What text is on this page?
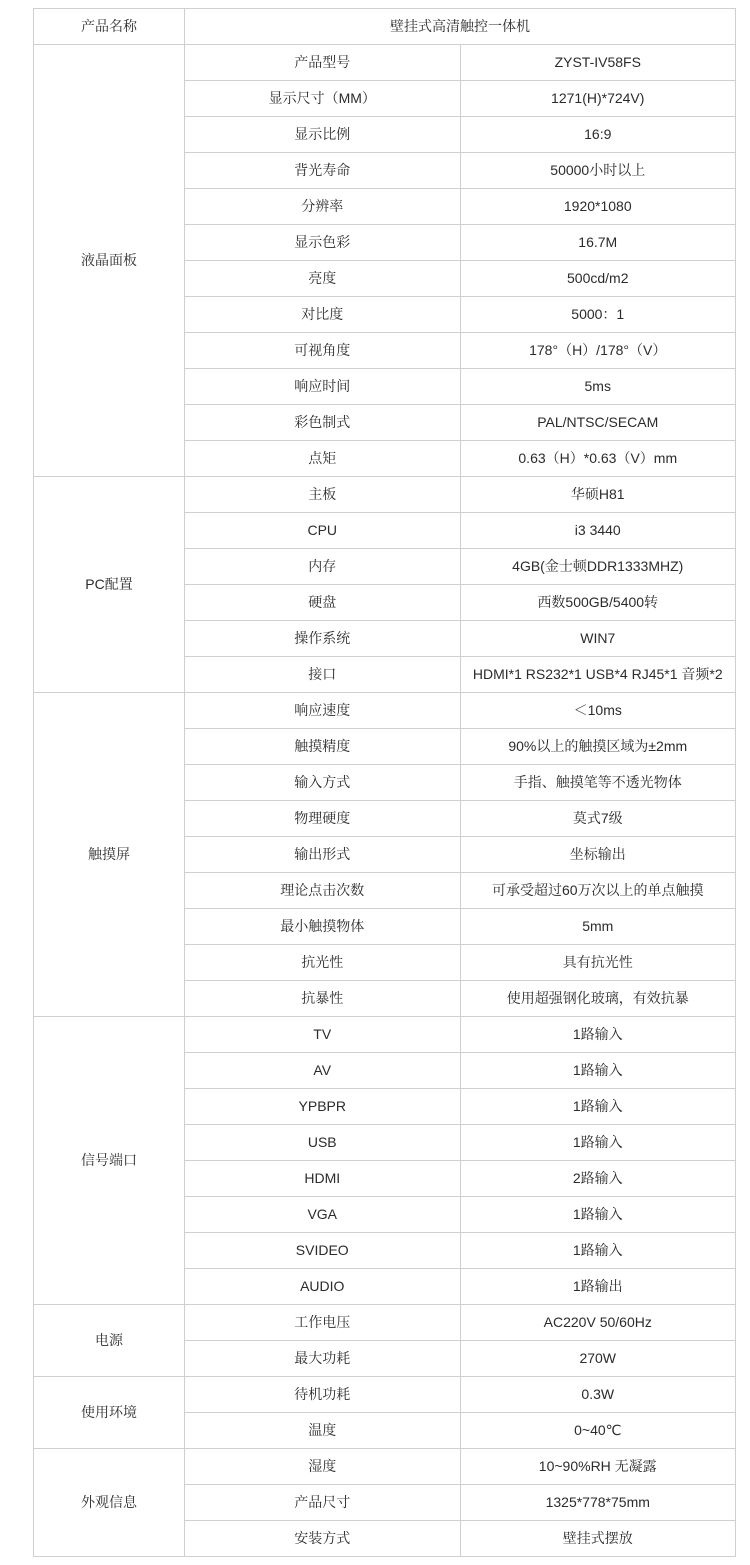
产品名称	壁挂式高清触控一体机	
液晶面板	产品型号	ZYST-IV58FS
	显示尺寸（MM）	1271(H)*724V)
	显示比例	16:9
	背光寿命	50000小时以上
	分辨率	1920*1080
	显示色彩	16.7M
	亮度	500cd/m2
	对比度	5000：1
	可视角度	178°（H）/178°（V）
	响应时间	5ms
	彩色制式	PAL/NTSC/SECAM
	点矩	0.63（H）*0.63（V）mm
PC配置	主板	华硕H81
	CPU	i3 3440
	内存	4GB(金士顿DDR1333MHZ)
	硬盘	西数500GB/5400转
	操作系统	WIN7
	接口	HDMI*1 RS232*1 USB*4 RJ45*1 音频*2
触摸屏	响应速度	＜10ms
	触摸精度	90%以上的触摸区域为±2mm
	输入方式	手指、触摸笔等不透光物体
	物理硬度	莫式7级
	输出形式	坐标输出
	理论点击次数	可承受超过60万次以上的单点触摸
	最小触摸物体	5mm
	抗光性	具有抗光性
	抗暴性	使用超强钢化玻璃，有效抗暴
信号端口	TV	1路输入
	AV	1路输入
	YPBPR	1路输入
	USB	1路输入
	HDMI	2路输入
	VGA	1路输入
	SVIDEO	1路输入
	AUDIO	1路输出
电源	工作电压	AC220V 50/60Hz
	最大功耗	270W
使用环境	待机功耗	0.3W
	温度	0~40℃
外观信息	湿度	10~90%RH 无凝露
	产品尺寸	1325*778*75mm
	安装方式	壁挂式摆放
